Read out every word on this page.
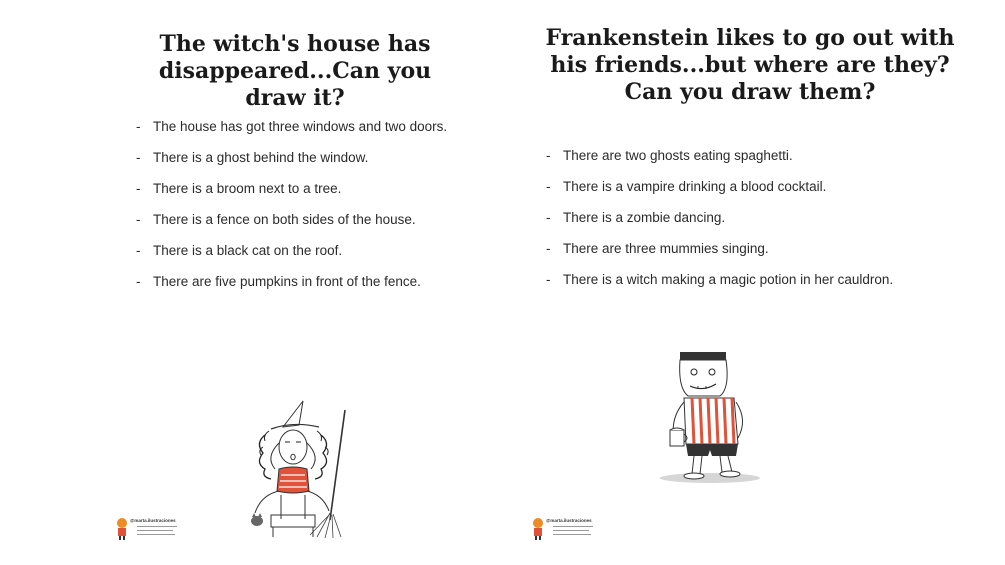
The witch's house has
disappeared...Can you draw it?
- The house has got three windows and two doors.
- There is a ghost behind the window.
- There is a broom next to a tree.
- There is a fence on both sides of the house.
- There is a black cat on the roof.
- There are five pumpkins in front of the fence.
@marta.ilustraciones
Frankenstein likes to go out with
his friends...but where are they?
Can you draw them?
- There are two ghosts eating spaghetti.
- There is a vampire drinking a blood cocktail.
- There is a zombie dancing.
- There are three mummies singing.
- There is a witch making a magic potion in her cauldron.
@marta.ilustraciones
